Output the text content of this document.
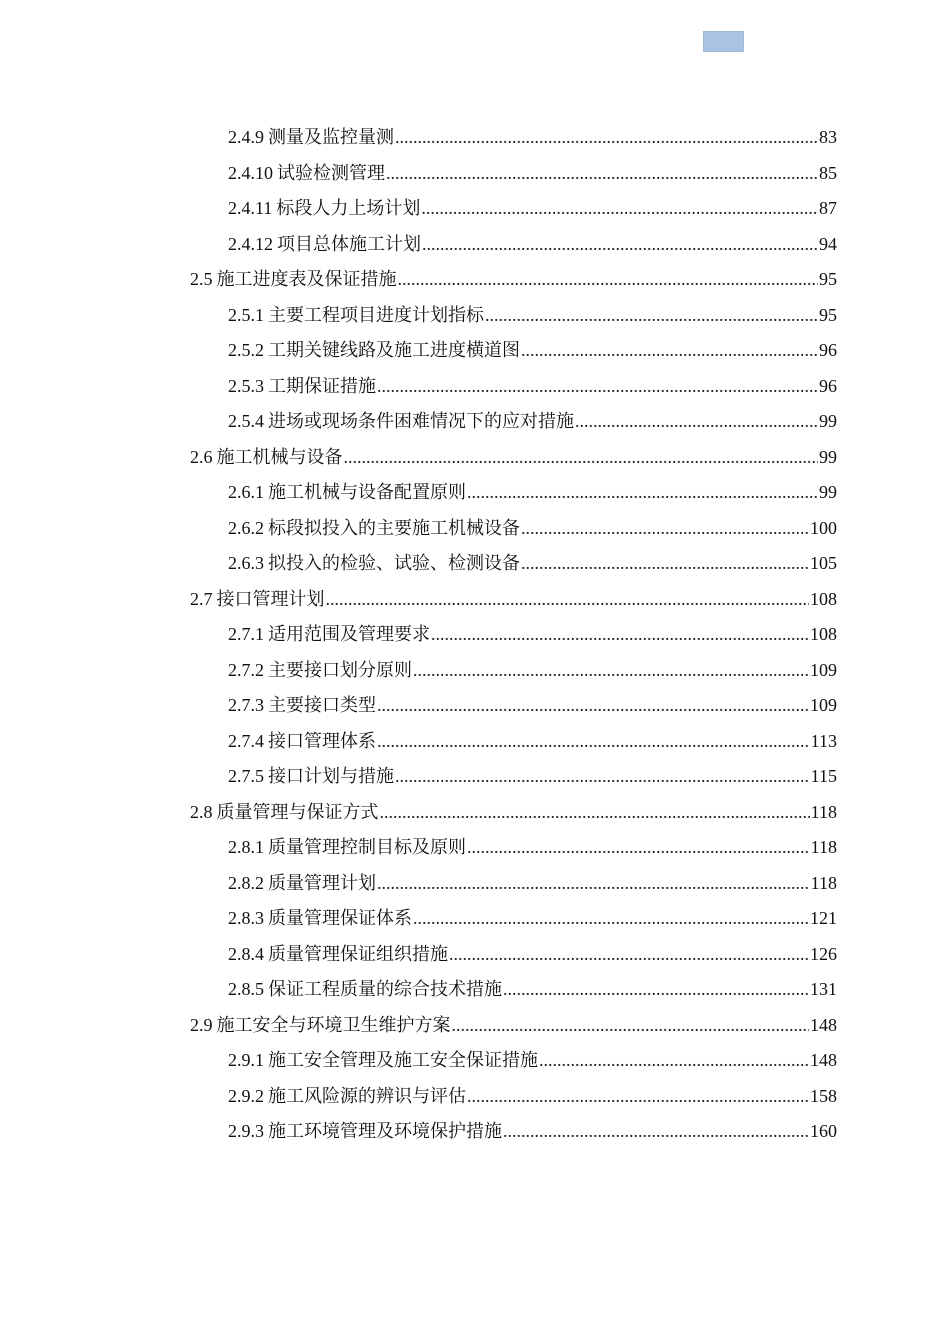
2.4.9 测量及监控量测 .....	83
2.4.10 试验检测管理 .....	85
2.4.11 标段人力上场计划 .....	87
2.4.12 项目总体施工计划 .....	94
2.5 施工进度表及保证措施 .....	95
2.5.1 主要工程项目进度计划指标 .....	95
2.5.2 工期关键线路及施工进度横道图 .....	96
2.5.3 工期保证措施 .....	96
2.5.4 进场或现场条件困难情况下的应对措施 .....	99
2.6 施工机械与设备 .....	99
2.6.1 施工机械与设备配置原则 .....	99
2.6.2 标段拟投入的主要施工机械设备 .....	100
2.6.3 拟投入的检验、试验、检测设备 .....	105
2.7 接口管理计划 .....	108
2.7.1 适用范围及管理要求 .....	108
2.7.2 主要接口划分原则 .....	109
2.7.3 主要接口类型 .....	109
2.7.4 接口管理体系 .....	113
2.7.5 接口计划与措施 .....	115
2.8 质量管理与保证方式 .....	118
2.8.1 质量管理控制目标及原则 .....	118
2.8.2 质量管理计划 .....	118
2.8.3 质量管理保证体系 .....	121
2.8.4 质量管理保证组织措施 .....	126
2.8.5 保证工程质量的综合技术措施 .....	131
2.9 施工安全与环境卫生维护方案 .....	148
2.9.1 施工安全管理及施工安全保证措施 .....	148
2.9.2 施工风险源的辨识与评估 .....	158
2.9.3 施工环境管理及环境保护措施 .....	160
